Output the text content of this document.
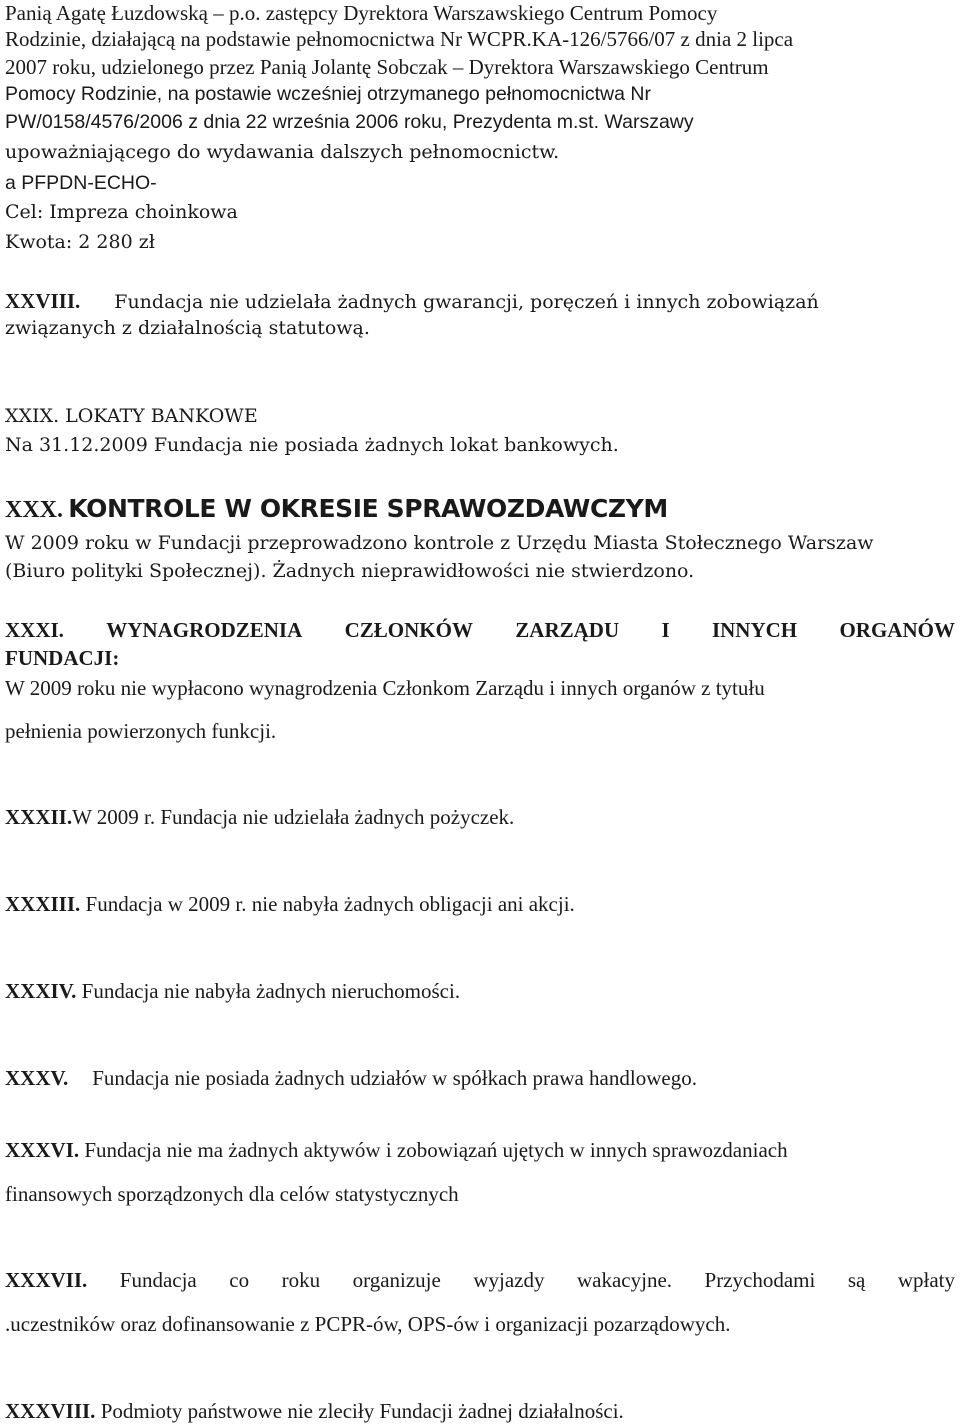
Panią Agatę Łuzdowską – p.o. zastępcy Dyrektora Warszawskiego Centrum Pomocy
Rodzinie, działającą na podstawie pełnomocnictwa Nr WCPR.KA-126/5766/07 z dnia 2 lipca
2007 roku, udzielonego przez Panią Jolantę Sobczak – Dyrektora Warszawskiego Centrum
Pomocy Rodzinie, na postawie wcześniej otrzymanego pełnomocnictwa Nr
PW/0158/4576/2006 z dnia 22 września 2006 roku, Prezydenta m.st. Warszawy
upoważniającego do wydawania dalszych pełnomocnictw.
a PFPDN-ECHO-
Cel: Impreza choinkowa
Kwota: 2 280 zł
XXVIII. Fundacja nie udzielała żadnych gwarancji, poręczeń i innych zobowiązań
związanych z działalnością statutową.
XXIX. LOKATY BANKOWE
Na 31.12.2009 Fundacja nie posiada żadnych lokat bankowych.
XXX. KONTROLE W OKRESIE SPRAWOZDAWCZYM
W 2009 roku w Fundacji przeprowadzono kontrole z Urzędu Miasta Stołecznego Warszaw
(Biuro polityki Społecznej). Żadnych nieprawidłowości nie stwierdzono.
XXXI. WYNAGRODZENIA CZŁONKÓW ZARZĄDU I INNYCH ORGANÓW
FUNDACJI:
W 2009 roku nie wypłacono wynagrodzenia Członkom Zarządu i innych organów z tytułu
pełnienia powierzonych funkcji.
XXXII.W 2009 r. Fundacja nie udzielała żadnych pożyczek.
XXXIII. Fundacja w 2009 r. nie nabyła żadnych obligacji ani akcji.
XXXIV. Fundacja nie nabyła żadnych nieruchomości.
XXXV. Fundacja nie posiada żadnych udziałów w spółkach prawa handlowego.
XXXVI. Fundacja nie ma żadnych aktywów i zobowiązań ujętych w innych sprawozdaniach
finansowych sporządzonych dla celów statystycznych
XXXVII. Fundacja co roku organizuje wyjazdy wakacyjne. Przychodami są wpłaty
.uczestników oraz dofinansowanie z PCPR-ów, OPS-ów i organizacji pozarządowych.
XXXVIII. Podmioty państwowe nie zleciły Fundacji żadnej działalności.
